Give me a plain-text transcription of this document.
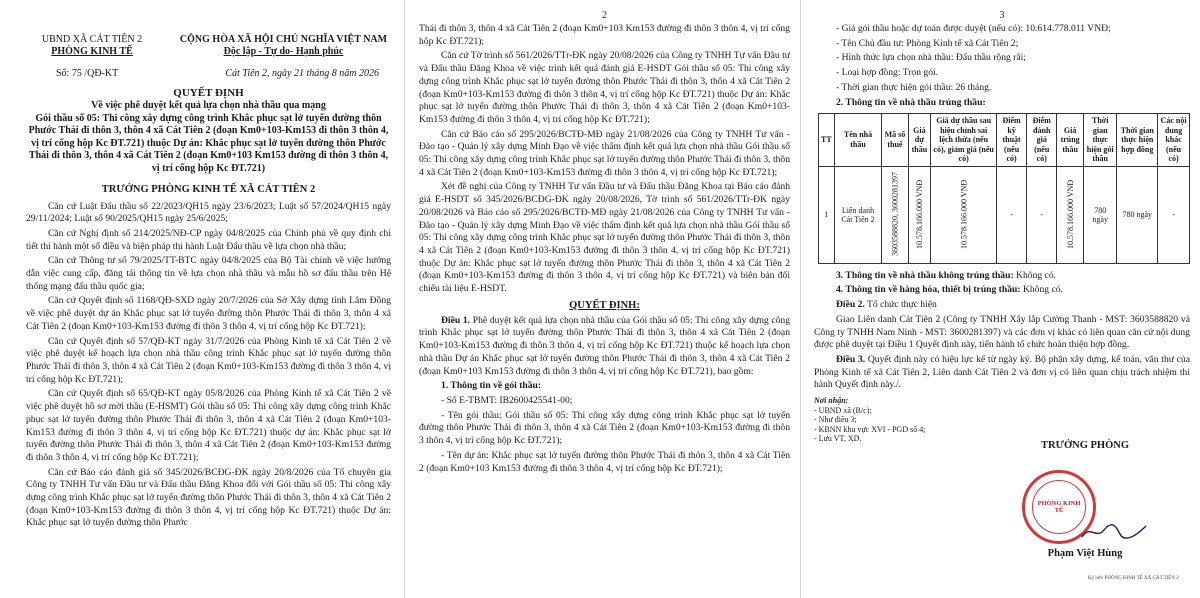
UBND XÃ CÁT TIÊN 2
PHÒNG KINH TẾ
CỘNG HÒA XÃ HỘI CHỦ NGHĨA VIỆT NAM
Độc lập - Tự do- Hạnh phúc
Số: 75 /QĐ-KT	Cát Tiên 2, ngày 21 tháng 8 năm 2026
QUYẾT ĐỊNH
Về việc phê duyệt kết quả lựa chọn nhà thầu qua mạng
Gói thầu số 05: Thi công xây dựng công trình Khắc phục sạt lở tuyến đường thôn Phước Thái đi thôn 3, thôn 4 xã Cát Tiên 2 (đoạn Km0+103-Km153 đi thôn 3 thôn 4, vị trí cống hộp Kc ĐT.721) thuộc Dự án: Khắc phục sạt lở tuyến đường thôn Phước Thái đi thôn 3, thôn 4 xã Cát Tiên 2 (đoạn Km0+103 Km153 đường đi thôn 3 thôn 4, vị trí cống hộp Kc ĐT.721)
TRƯỞNG PHÒNG KINH TẾ XÃ CÁT TIÊN 2

Căn cứ Luật Đấu thầu số 22/2023/QH15 ngày 23/6/2023; Luật số 57/2024/QH15 ngày 29/11/2024; Luật số 90/2025/QH15 ngày 25/6/2025;

Căn cứ Nghị định số 214/2025/NĐ-CP ngày 04/8/2025 của Chính phủ về quy định chi tiết thi hành một số điều và biện pháp thi hành Luật Đấu thầu về lựa chọn nhà thầu;

Căn cứ Thông tư số 79/2025/TT-BTC ngày 04/8/2025 của Bộ Tài chính về việc hướng dẫn việc cung cấp, đăng tải thông tin về lựa chọn nhà thầu và mẫu hồ sơ đấu thầu trên Hệ thống mạng đấu thầu quốc gia;

Căn cứ Quyết định số 1168/QĐ-SXD ngày 20/7/2026 của Sở Xây dựng tỉnh Lâm Đồng về việc phê duyệt dự án Khắc phục sạt lở tuyến đường thôn Phước Thái đi thôn 3, thôn 4 xã Cát Tiên 2 (đoạn Km0+103-Km153 đường đi thôn 3 thôn 4, vị trí cống hộp Kc ĐT.721);

Căn cứ Quyết định số 57/QĐ-KT ngày 31/7/2026 của Phòng Kinh tế xã Cát Tiên 2 về việc phê duyệt kế hoạch lựa chọn nhà thầu công trình Khắc phục sạt lở tuyến đường thôn Phước Thái đi thôn 3, thôn 4 xã Cát Tiên 2 (đoạn Km0+103-Km153 đường đi thôn 3 thôn 4, vị trí cống hộp Kc ĐT.721);

Căn cứ Quyết định số 65/QĐ-KT ngày 05/8/2026 của Phòng Kinh tế xã Cát Tiên 2 về việc phê duyệt hồ sơ mời thầu (E-HSMT) Gói thầu số 05: Thi công xây dựng công trình Khắc phục sạt lở tuyến đường thôn Phước Thái đi thôn 3, thôn 4 xã Cát Tiên 2 (đoạn Km0+103-Km153 đường đi thôn 3 thôn 4, vị trí cống hộp Kc ĐT.721) thuộc dự án: Khắc phục sạt lở tuyến đường thôn Phước Thái đi thôn 3, thôn 4 xã Cát Tiên 2 (đoạn Km0+103-Km153 đường đi thôn 3 thôn 4, vị trí cống hộp Kc ĐT.721);

Căn cứ Báo cáo đánh giá số 345/2026/BCĐG-ĐK ngày 20/8/2026 của Tổ chuyên gia Công ty TNHH Tư vấn Đầu tư và Đấu thầu Đăng Khoa đối với Gói thầu số 05: Thi công xây dựng công trình Khắc phục sạt lở tuyến đường thôn Phước Thái đi thôn 3, thôn 4 xã Cát Tiên 2 (đoạn Km0+103-Km153 đường đi thôn 3 thôn 4, vị trí cống hộp Kc ĐT.721) thuộc Dự án: Khắc phục sạt lở tuyến đường thôn Phước

2

Thái đi thôn 3, thôn 4 xã Cát Tiên 2 (đoạn Km0+103 Km153 đường đi thôn 3 thôn 4, vị trí cống hộp Kc ĐT.721);

Căn cứ Tờ trình số 561/2026/TTr-ĐK ngày 20/08/2026 của Công ty TNHH Tư vấn Đầu tư và Đấu thầu Đăng Khoa về việc trình kết quả đánh giá E-HSDT Gói thầu số 05: Thi công xây dựng công trình Khắc phục sạt lở tuyến đường thôn Phước Thái đi thôn 3, thôn 4 xã Cát Tiên 2 (đoạn Km0+103-Km153 đường đi thôn 3 thôn 4, vị trí cống hộp Kc ĐT.721) thuộc Dự án: Khắc phục sạt lở tuyến đường thôn Phước Thái đi thôn 3, thôn 4 xã Cát Tiên 2 (đoạn Km0+103-Km153 đường đi thôn 3 thôn 4, vị trí cống hộp Kc ĐT.721);

Căn cứ Báo cáo số 295/2026/BCTĐ-MĐ ngày 21/08/2026 của Công ty TNHH Tư vấn - Đào tạo - Quản lý xây dựng Minh Đạo về việc thẩm định kết quả lựa chọn nhà thầu Gói thầu số 05: Thi công xây dựng công trình Khắc phục sạt lở tuyến đường thôn Phước Thái đi thôn 3, thôn 4 xã Cát Tiên 2 (đoạn Km0+103-Km153 đường đi thôn 3 thôn 4, vị trí cống hộp Kc ĐT.721);

Xét đề nghị của Công ty TNHH Tư vấn Đầu tư và Đấu thầu Đăng Khoa tại Báo cáo đánh giá E-HSDT số 345/2026/BCĐG-ĐK ngày 20/08/2026, Tờ trình số 561/2026/TTr-ĐK ngày 20/08/2026 và Báo cáo số 295/2026/BCTĐ-MĐ ngày 21/08/2026 của Công ty TNHH Tư vấn - Đào tạo - Quản lý xây dựng Minh Đạo về việc thẩm định kết quả lựa chọn nhà thầu Gói thầu số 05: Thi công xây dựng công trình Khắc phục sạt lở tuyến đường thôn Phước Thái đi thôn 3, thôn 4 xã Cát Tiên 2 (đoạn Km0+103-Km153 đường đi thôn 3 thôn 4, vị trí cống hộp Kc ĐT.721) thuộc Dự án: Khắc phục sạt lở tuyến đường thôn Phước Thái đi thôn 3, thôn 4 xã Cát Tiên 2 (đoạn Km0+103-Km153 đường đi thôn 3 thôn 4, vị trí cống hộp Kc ĐT.721) và biên bản đối chiếu tài liệu E-HSDT.

QUYẾT ĐỊNH:

Điều 1. Phê duyệt kết quả lựa chọn nhà thầu của Gói thầu số 05: Thi công xây dựng công trình Khắc phục sạt lở tuyến đường thôn Phước Thái đi thôn 3, thôn 4 xã Cát Tiên 2 (đoạn Km0+103-Km153 đường đi thôn 3 thôn 4, vị trí cống hộp Kc ĐT.721) thuộc kế hoạch lựa chọn nhà thầu Dự án Khắc phục sạt lở tuyến đường thôn Phước Thái đi thôn 3, thôn 4 xã Cát Tiên 2 (đoạn Km0+103 Km153 đường đi thôn 3 thôn 4, vị trí cống hộp Kc ĐT.721), bao gồm:

1. Thông tin về gói thầu:

- Số E-TBMT: IB2600425541-00;

- Tên gói thầu: Gói thầu số 05: Thi công xây dựng công trình Khắc phục sạt lở tuyến đường thôn Phước Thái đi thôn 3, thôn 4 xã Cát Tiên 2 (đoạn Km0+103-Km153 đường đi thôn 3 thôn 4, vị trí cống hộp Kc ĐT.721);

- Tên dự án: Khắc phục sạt lở tuyến đường thôn Phước Thái đi thôn 3, thôn 4 xã Cát Tiên 2 (đoạn Km0+103 Km153 đường đi thôn 3 thôn 4, vị trí cống hộp Kc ĐT.721);

3

- Giá gói thầu hoặc dự toán được duyệt (nếu có): 10.614.778.011 VNĐ;

- Tên Chủ đầu tư: Phòng Kinh tế xã Cát Tiên 2;

- Hình thức lựa chọn nhà thầu: Đấu thầu rộng rãi;

- Loại hợp đồng: Trọn gói.

- Thời gian thực hiện gói thầu: 26 tháng.

2. Thông tin về nhà thầu trúng thầu:

TT	Tên nhà thầu	Mã số thuế	Giá dự thầu	Giá dự thầu sau hiệu chỉnh sai lệch thừa (nếu có), giảm giá (nếu có)	Điểm kỹ thuật (nếu có)	Điểm đánh giá (nếu có)	Giá trúng thầu	Thời gian thực hiện gói thầu	Thời gian thực hiện hợp đồng	Các nội dung khác (nếu có)
1	Liên danh Cát Tiên 2	3603588820, 3600281397	10.578.166.000 VNĐ	10.578.166.000 VNĐ	-	-	10.578.166.000 VNĐ	780 ngày	780 ngày	-

3. Thông tin về nhà thầu không trúng thầu: Không có.

4. Thông tin về hàng hóa, thiết bị trúng thầu: Không có.

Điều 2. Tổ chức thực hiện

Giao Liên danh Cát Tiên 2 (Công ty TNHH Xây lắp Cường Thanh - MST: 3603588820 và Công ty TNHH Nam Ninh - MST: 3600281397) và các đơn vị khác có liên quan căn cứ nội dung được phê duyệt tại Điều 1 Quyết định này, tiến hành tổ chức hoàn thiện hợp đồng.

Điều 3. Quyết định này có hiệu lực kể từ ngày ký. Bộ phận xây dựng, kế toán, văn thư của Phòng Kinh tế xã Cát Tiên 2, Liên danh Cát Tiên 2 và đơn vị có liên quan chịu trách nhiệm thi hành Quyết định này./.

Nơi nhận:
- UBND xã (B/c);
- Như điều 3;
- KBNN khu vực XVI - PGD số 4;
- Lưu VT, XD.
TRƯỞNG PHÒNG
PHÒNG KINH TẾ
Phạm Việt Hùng
Ký bởi: PHÒNG KINH TẾ XÃ CÁT TIÊN 2
